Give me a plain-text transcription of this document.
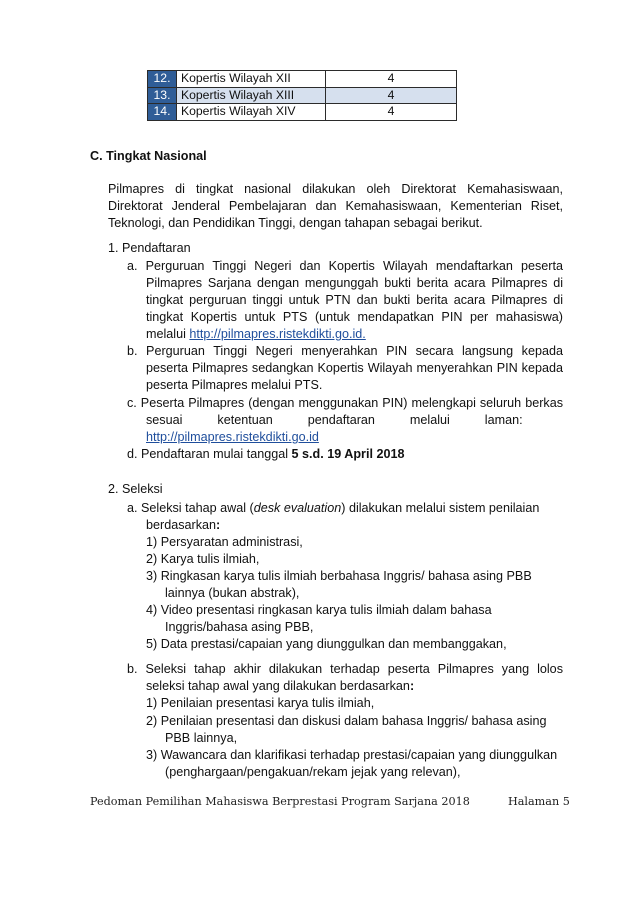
12.	Kopertis Wilayah XII	4
13.	Kopertis Wilayah XIII	4
14.	Kopertis Wilayah XIV	4
C. Tingkat Nasional
Pilmapres di tingkat nasional dilakukan oleh Direktorat Kemahasiswaan,
Direktorat Jenderal Pembelajaran dan Kemahasiswaan, Kementerian Riset,
Teknologi, dan Pendidikan Tinggi, dengan tahapan sebagai berikut.
1. Pendaftaran
a. Perguruan Tinggi Negeri dan Kopertis Wilayah mendaftarkan peserta
Pilmapres Sarjana dengan mengunggah bukti berita acara Pilmapres di
tingkat perguruan tinggi untuk PTN dan bukti berita acara Pilmapres di
tingkat Kopertis untuk PTS (untuk mendapatkan PIN per mahasiswa)
melalui http://pilmapres.ristekdikti.go.id.
b. Perguruan Tinggi Negeri menyerahkan PIN secara langsung kepada
peserta Pilmapres sedangkan Kopertis Wilayah menyerahkan PIN kepada
peserta Pilmapres melalui PTS.
c. Peserta Pilmapres (dengan menggunakan PIN) melengkapi seluruh berkas
sesuai          ketentuan          pendaftaran          melalui          laman:
http://pilmapres.ristekdikti.go.id
d. Pendaftaran mulai tanggal 5 s.d. 19 April 2018
2. Seleksi
a. Seleksi tahap awal (desk evaluation) dilakukan melalui sistem penilaian
berdasarkan:
1) Persyaratan administrasi,
2) Karya tulis ilmiah,
3) Ringkasan karya tulis ilmiah berbahasa Inggris/ bahasa asing PBB
lainnya (bukan abstrak),
4) Video presentasi ringkasan karya tulis ilmiah dalam bahasa
Inggris/bahasa asing PBB,
5) Data prestasi/capaian yang diunggulkan dan membanggakan,
b. Seleksi tahap akhir dilakukan terhadap peserta Pilmapres yang lolos
seleksi tahap awal yang dilakukan berdasarkan:
1) Penilaian presentasi karya tulis ilmiah,
2) Penilaian presentasi dan diskusi dalam bahasa Inggris/ bahasa asing
PBB lainnya,
3) Wawancara dan klarifikasi terhadap prestasi/capaian yang diunggulkan
(penghargaan/pengakuan/rekam jejak yang relevan),
Pedoman Pemilihan Mahasiswa Berprestasi Program Sarjana 2018	Halaman 5
